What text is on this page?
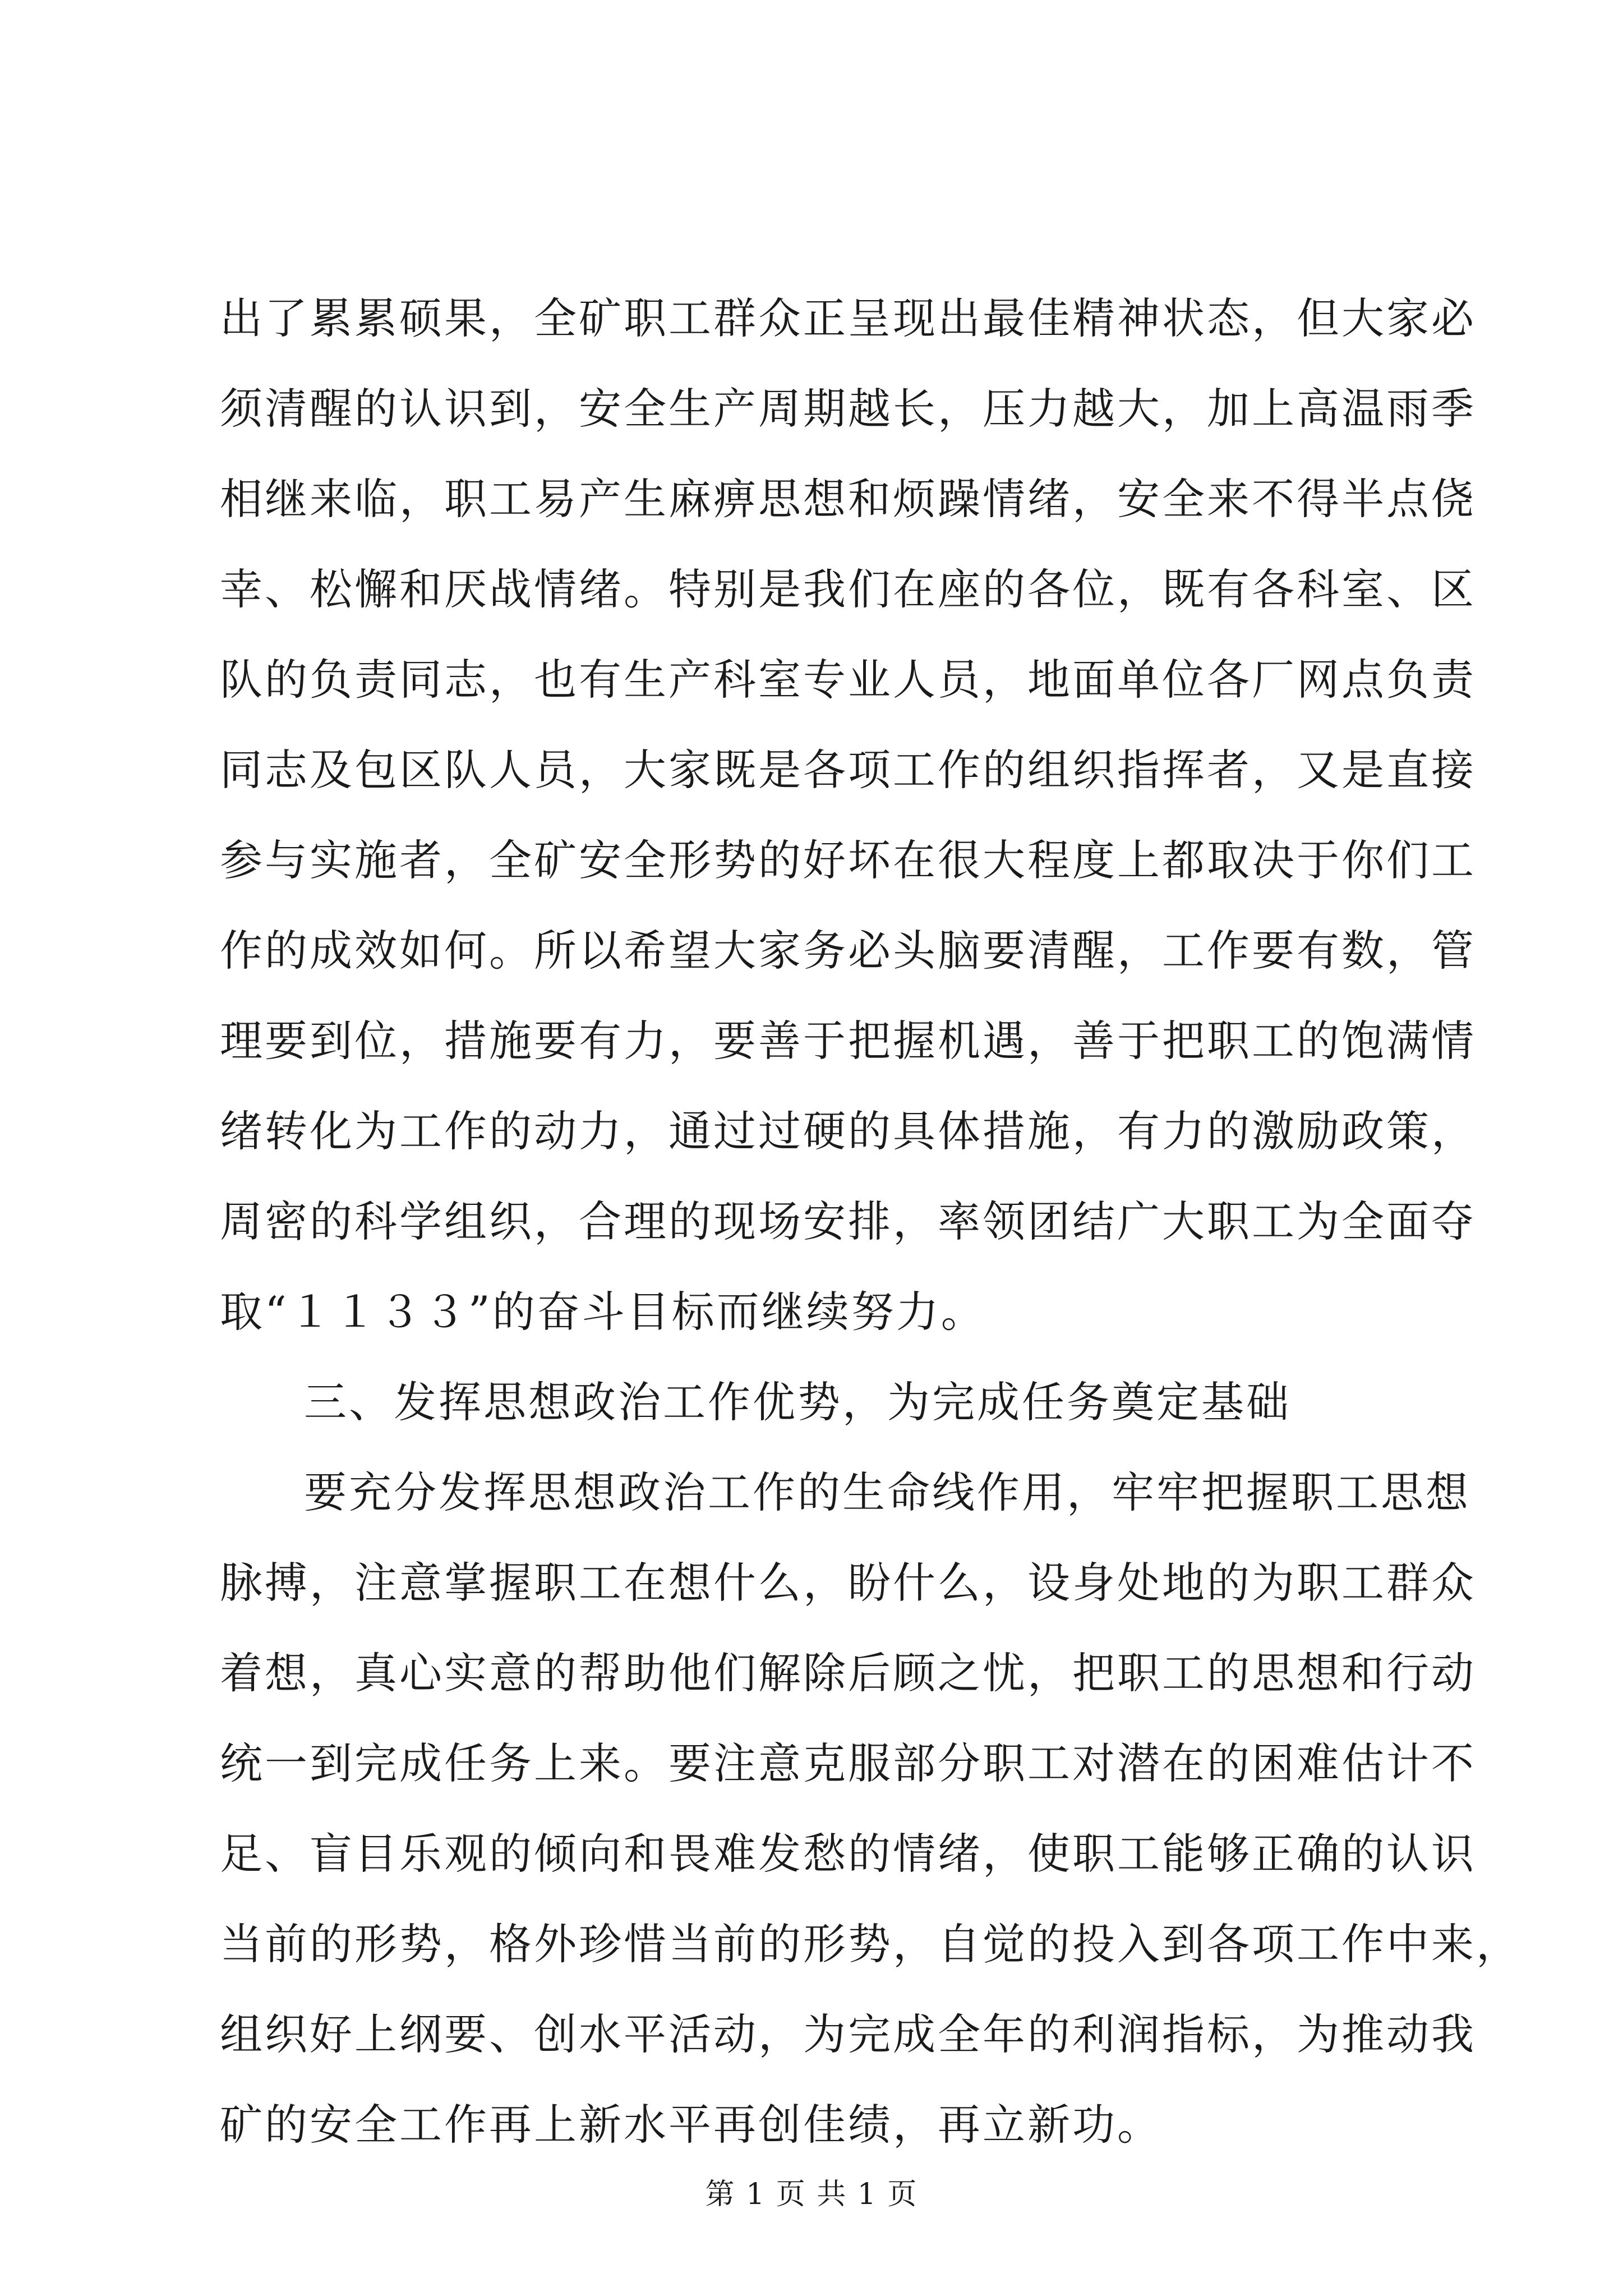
出了累累硕果，全矿职工群众正呈现出最佳精神状态，但大家必
须清醒的认识到，安全生产周期越长，压力越大，加上高温雨季
相继来临，职工易产生麻痹思想和烦躁情绪，安全来不得半点侥
幸、松懈和厌战情绪。特别是我们在座的各位，既有各科室、区
队的负责同志，也有生产科室专业人员，地面单位各厂网点负责
同志及包区队人员，大家既是各项工作的组织指挥者，又是直接
参与实施者，全矿安全形势的好坏在很大程度上都取决于你们工
作的成效如何。所以希望大家务必头脑要清醒，工作要有数，管
理要到位，措施要有力，要善于把握机遇，善于把职工的饱满情
绪转化为工作的动力，通过过硬的具体措施，有力的激励政策，
周密的科学组织，合理的现场安排，率领团结广大职工为全面夺
取“１１３３”的奋斗目标而继续努力。
三、发挥思想政治工作优势，为完成任务奠定基础
要充分发挥思想政治工作的生命线作用，牢牢把握职工思想
脉搏，注意掌握职工在想什么，盼什么，设身处地的为职工群众
着想，真心实意的帮助他们解除后顾之忧，把职工的思想和行动
统一到完成任务上来。要注意克服部分职工对潜在的困难估计不
足、盲目乐观的倾向和畏难发愁的情绪，使职工能够正确的认识
当前的形势，格外珍惜当前的形势，自觉的投入到各项工作中来，
组织好上纲要、创水平活动，为完成全年的利润指标，为推动我
矿的安全工作再上新水平再创佳绩，再立新功。
第 1 页 共 1 页
